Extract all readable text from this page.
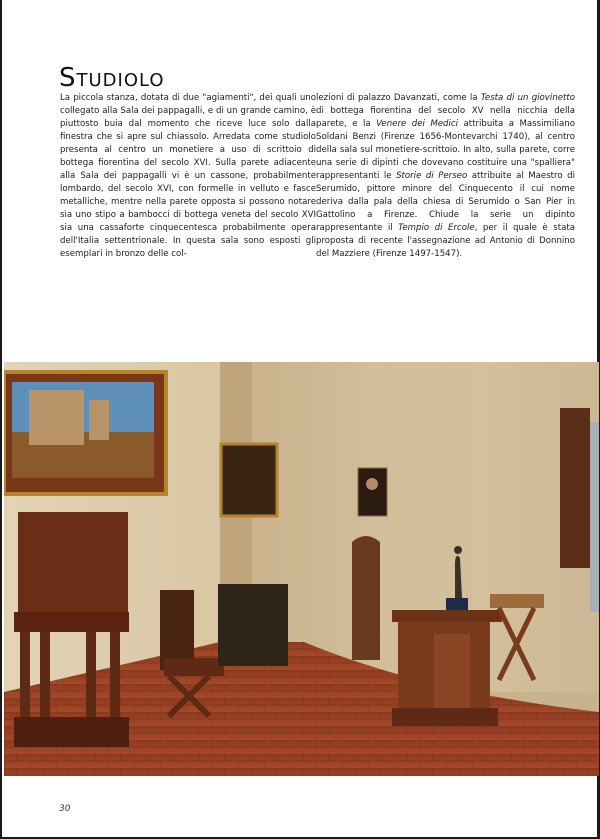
Studiolo
La piccola stanza, dotata di due "agiamenti", dei quali uno collegato alla Sala dei pappagalli, e di un grande camino, è piuttosto buia dal momento che riceve luce solo dalla finestra che si apre sul chiassolo. Arredata come studiolo presenta al centro un monetiere a uso di scrittoio di bottega fiorentina del secolo XVI. Sulla parete adiacente alla Sala dei pappagalli vi è un cassone, probabilmente lombardo, del secolo XVI, con formelle in velluto e fasce metalliche, mentre nella parete opposta si possono notare sia uno stipo a bambocci di bottega veneta del secolo XVI sia una cassaforte cinquecentesca probabilmente opera dell'Italia settentrionale. In questa sala sono esposti gli esemplari in bronzo delle col-
lezioni di palazzo Davanzati, come la Testa di un giovinetto di bottega fiorentina del secolo XV nella nicchia della parete, e la Venere dei Medici attribuita a Massimiliano Soldani Benzi (Firenze 1656-Montevarchi 1740), al centro della sala sul monetiere-scrittoio. In alto, sulla parete, corre una serie di dipinti che dovevano costituire una "spalliera" rappresentanti le Storie di Perseo attribuite al Maestro di Serumido, pittore minore del Cinquecento il cui nome deriva dalla pala della chiesa di Serumido o San Pier in Gattolino a Firenze. Chiude la serie un dipinto rappresentante il Tempio di Ercole, per il quale è stata proposta di recente l'assegnazione ad Antonio di Donnino del Mazziere (Firenze 1497-1547).
30
